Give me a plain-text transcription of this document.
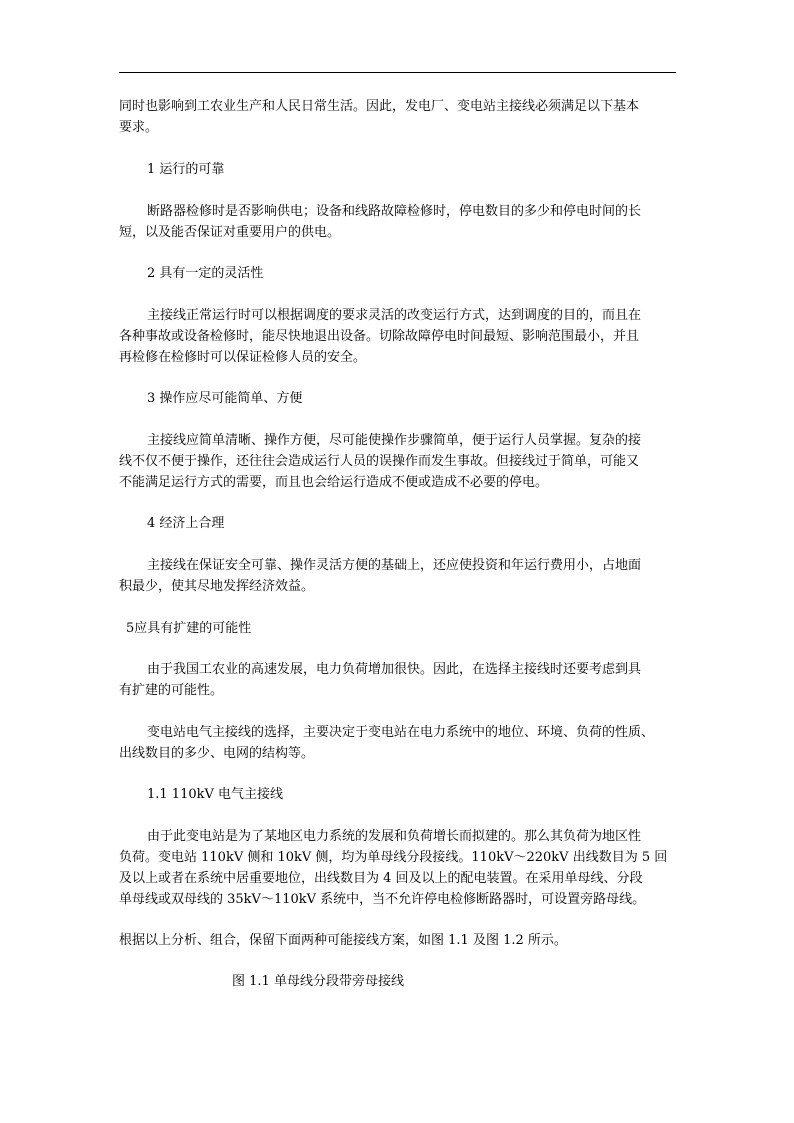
同时也影响到工农业生产和人民日常生活。因此，发电厂、变电站主接线必须满足以下基本
要求。
1 运行的可靠
断路器检修时是否影响供电；设备和线路故障检修时，停电数目的多少和停电时间的长
短，以及能否保证对重要用户的供电。
2 具有一定的灵活性
主接线正常运行时可以根据调度的要求灵活的改变运行方式，达到调度的目的，而且在
各种事故或设备检修时，能尽快地退出设备。切除故障停电时间最短、影响范围最小，并且
再检修在检修时可以保证检修人员的安全。
3 操作应尽可能简单、方便
主接线应简单清晰、操作方便，尽可能使操作步骤简单，便于运行人员掌握。复杂的接
线不仅不便于操作，还往往会造成运行人员的误操作而发生事故。但接线过于简单，可能又
不能满足运行方式的需要，而且也会给运行造成不便或造成不必要的停电。
4 经济上合理
主接线在保证安全可靠、操作灵活方便的基础上，还应使投资和年运行费用小，占地面
积最少，使其尽地发挥经济效益。
5应具有扩建的可能性
由于我国工农业的高速发展，电力负荷增加很快。因此，在选择主接线时还要考虑到具
有扩建的可能性。
变电站电气主接线的选择，主要决定于变电站在电力系统中的地位、环境、负荷的性质、
出线数目的多少、电网的结构等。
1.1 110kV 电气主接线
由于此变电站是为了某地区电力系统的发展和负荷增长而拟建的。那么其负荷为地区性
负荷。变电站 110kV 侧和 10kV 侧，均为单母线分段接线。110kV～220kV 出线数目为 5 回
及以上或者在系统中居重要地位，出线数目为 4 回及以上的配电装置。在采用单母线、分段
单母线或双母线的 35kV～110kV 系统中，当不允许停电检修断路器时，可设置旁路母线。
根据以上分析、组合，保留下面两种可能接线方案，如图 1.1 及图 1.2 所示。
图 1.1 单母线分段带旁母接线
